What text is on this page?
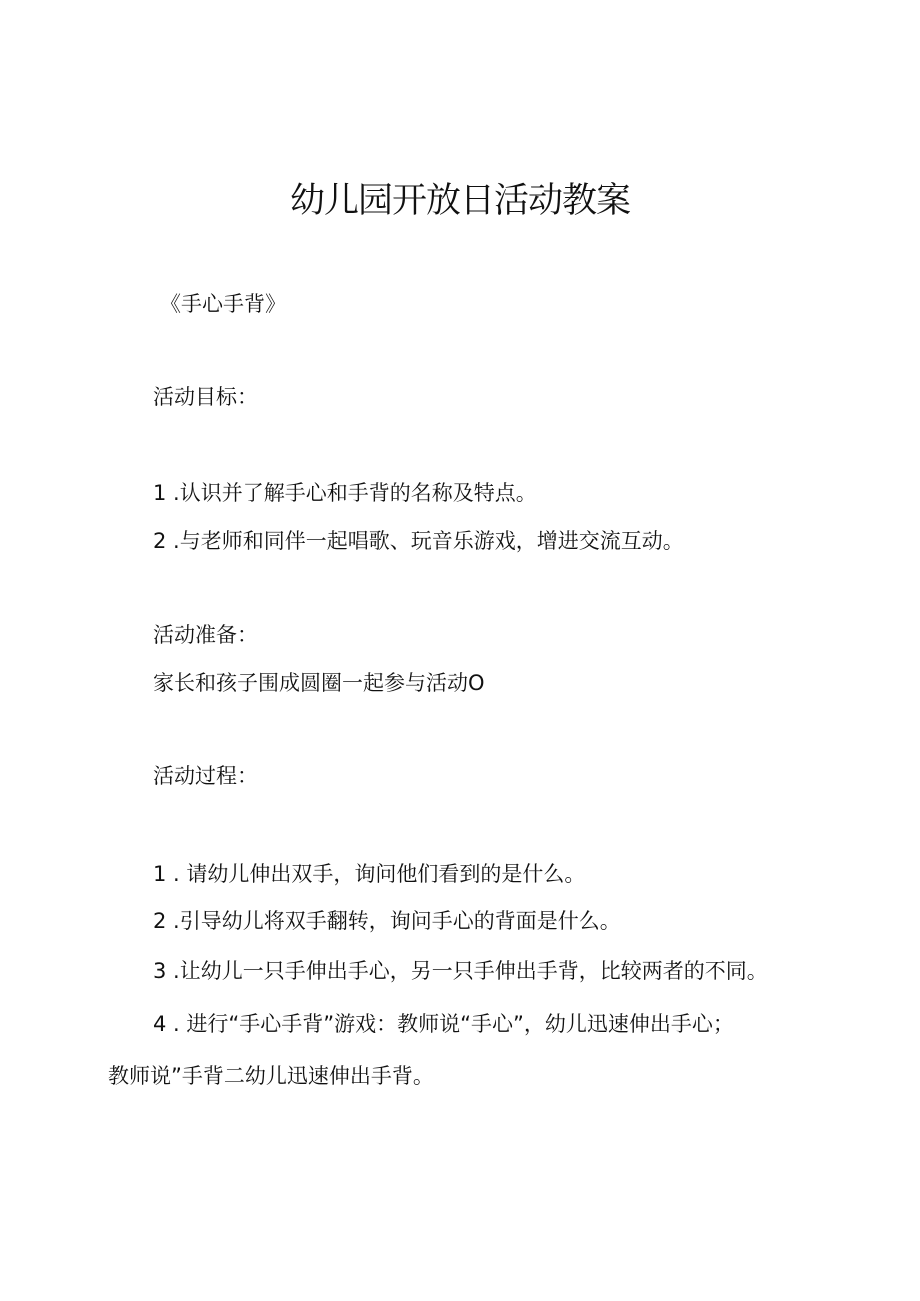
幼儿园开放日活动教案
《手心手背》
活动目标：
1 .认识并了解手心和手背的名称及特点。
2 .与老师和同伴一起唱歌、玩音乐游戏，增进交流互动。
活动准备：
家长和孩子围成圆圈一起参与活动O
活动过程：
1 . 请幼儿伸出双手，询问他们看到的是什么。
2 .引导幼儿将双手翻转，询问手心的背面是什么。
3 .让幼儿一只手伸出手心，另一只手伸出手背，比较两者的不同。
4 . 进行“手心手背”游戏：教师说“手心”，幼儿迅速伸出手心；
教师说”手背二幼儿迅速伸出手背。
